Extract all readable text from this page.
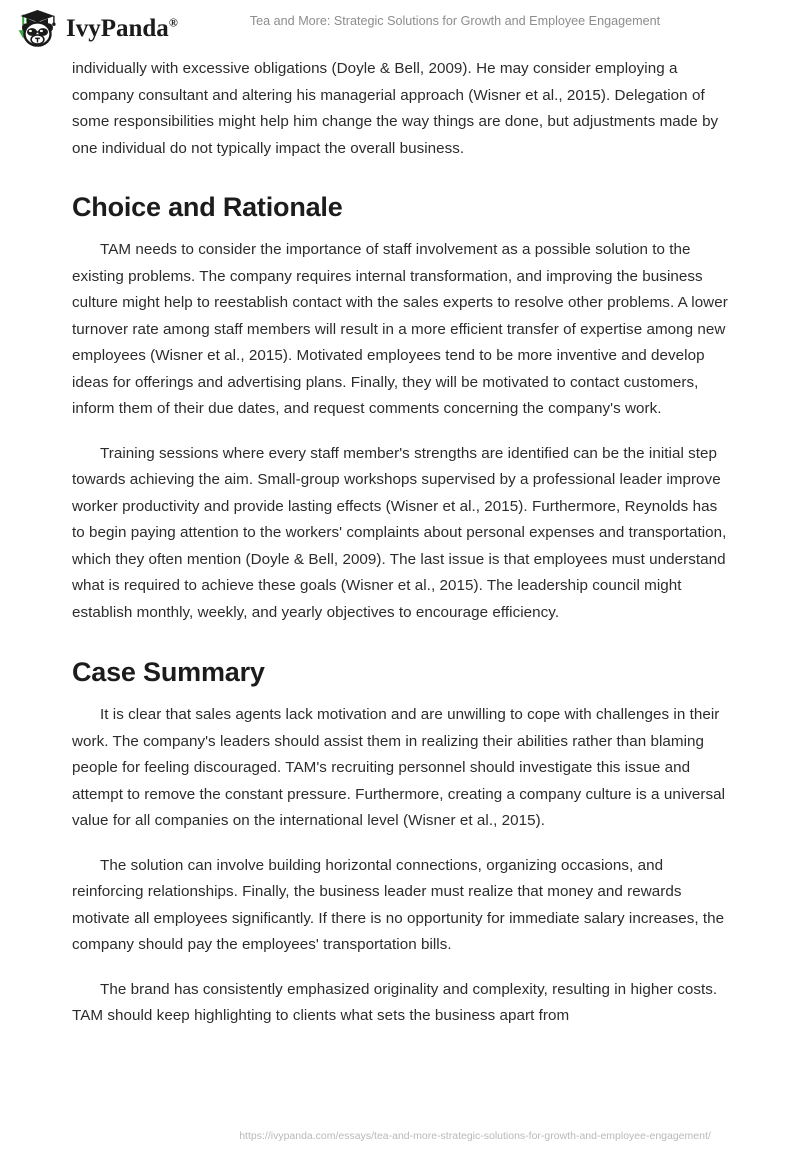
IvyPanda®	Tea and More: Strategic Solutions for Growth and Employee Engagement

individually with excessive obligations (Doyle & Bell, 2009). He may consider employing a company consultant and altering his managerial approach (Wisner et al., 2015). Delegation of some responsibilities might help him change the way things are done, but adjustments made by one individual do not typically impact the overall business.

Choice and Rationale

TAM needs to consider the importance of staff involvement as a possible solution to the existing problems. The company requires internal transformation, and improving the business culture might help to reestablish contact with the sales experts to resolve other problems. A lower turnover rate among staff members will result in a more efficient transfer of expertise among new employees (Wisner et al., 2015). Motivated employees tend to be more inventive and develop ideas for offerings and advertising plans. Finally, they will be motivated to contact customers, inform them of their due dates, and request comments concerning the company's work.

Training sessions where every staff member's strengths are identified can be the initial step towards achieving the aim. Small-group workshops supervised by a professional leader improve worker productivity and provide lasting effects (Wisner et al., 2015). Furthermore, Reynolds has to begin paying attention to the workers' complaints about personal expenses and transportation, which they often mention (Doyle & Bell, 2009). The last issue is that employees must understand what is required to achieve these goals (Wisner et al., 2015). The leadership council might establish monthly, weekly, and yearly objectives to encourage efficiency.

Case Summary

It is clear that sales agents lack motivation and are unwilling to cope with challenges in their work. The company's leaders should assist them in realizing their abilities rather than blaming people for feeling discouraged. TAM's recruiting personnel should investigate this issue and attempt to remove the constant pressure. Furthermore, creating a company culture is a universal value for all companies on the international level (Wisner et al., 2015).

The solution can involve building horizontal connections, organizing occasions, and reinforcing relationships. Finally, the business leader must realize that money and rewards motivate all employees significantly. If there is no opportunity for immediate salary increases, the company should pay the employees' transportation bills.

The brand has consistently emphasized originality and complexity, resulting in higher costs. TAM should keep highlighting to clients what sets the business apart from

https://ivypanda.com/essays/tea-and-more-strategic-solutions-for-growth-and-employee-engagement/
